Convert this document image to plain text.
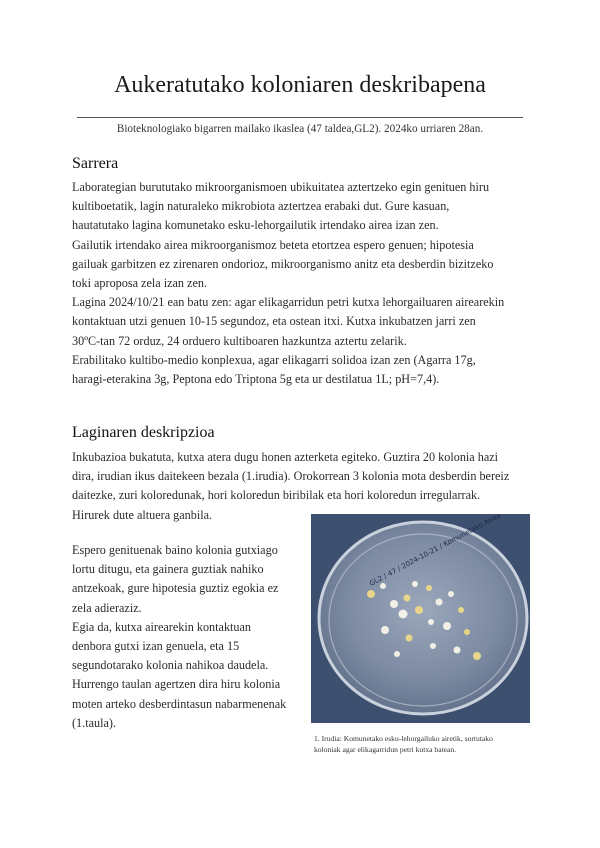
Aukeratutako koloniaren deskribapena
Bioteknologiako bigarren mailako ikaslea (47 taldea,GL2). 2024ko urriaren 28an.
Sarrera
Laborategian burututako mikroorganismoen ubikuitatea aztertzeko egin genituen hiru
kultiboetatik, lagin naturaleko mikrobiota aztertzea erabaki dut. Gure kasuan,
hautatutako lagina komunetako esku-lehorgailutik irtendako airea izan zen.
Gailutik irtendako airea mikroorganismoz beteta etortzea espero genuen; hipotesia
gailuak garbitzen ez zirenaren ondorioz, mikroorganismo anitz eta desberdin bizitzeko
toki aproposa zela izan zen.
Lagina 2024/10/21 ean batu zen: agar elikagarridun petri kutxa lehorgailuaren airearekin
kontaktuan utzi genuen 10-15 segundoz, eta ostean itxi. Kutxa inkubatzen jarri zen
30ºC-tan 72 orduz, 24 orduero kultiboaren hazkuntza aztertu zelarik.
Erabilitako kultibo-medio konplexua, agar elikagarri solidoa izan zen (Agarra 17g,
haragi-eterakina 3g, Peptona edo Triptona 5g eta ur destilatua 1L; pH=7,4).
Laginaren deskripzioa
Inkubazioa bukatuta, kutxa atera dugu honen azterketa egiteko. Guztira 20 kolonia hazi
dira, irudian ikus daitekeen bezala (1.irudia). Orokorrean 3 kolonia mota desberdin bereiz
daitezke, zuri koloredunak, hori koloredun biribilak eta hori koloredun irregularrak.
Hirurek dute altuera ganbila.
Espero genituenak baino kolonia gutxiago
lortu ditugu, eta gainera guztiak nahiko
antzekoak, gure hipotesia guztiz egokia ez
zela adieraziz.
Egia da, kutxa airearekin kontaktuan
denbora gutxi izan genuela, eta 15
segundotarako kolonia nahikoa daudela.
Hurrengo taulan agertzen dira hiru kolonia
moten arteko desberdintasun nabarmenenak
(1.taula).
1. Irudia: Komunetako esku-lehorgailuko airetik, sortutako
koloniak agar elikagarridun petri kutxa batean.
